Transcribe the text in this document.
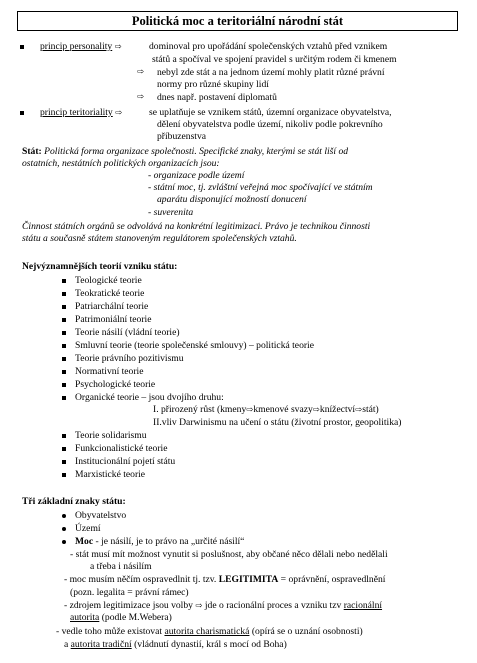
Politická moc a teritoriální národní stát
princip personality ⇨	dominoval pro upořádání společenských vztahů před vznikem
států a spočíval ve spojení pravidel s určitým rodem či kmenem
⇨ nebyl zde stát a na jednom území mohly platit různé právní
normy pro různé skupiny lidí
⇨ dnes např. postavení diplomatů
princip teritoriality ⇨	se uplatňuje se vznikem států, územní organizace obyvatelstva,
dělení obyvatelstva podle území, nikoliv podle pokrevního
příbuzenstva
Stát: Politická forma organizace společnosti. Specifické znaky, kterými se stát liší od
ostatních, nestátních politických organizacích jsou:
- organizace podle území
- státní moc, tj. zvláštní veřejná moc spočívající ve státním
aparátu disponující možností donucení
- suverenita
Činnost státních orgánů se odvolává na konkrétní legitimizaci. Právo je technikou činnosti
státu a současně státem stanoveným regulátorem společenských vztahů.
Nejvýznamnějších teorií vzniku státu:
Teologické teorie
Teokratické teorie
Patriarchální teorie
Patrimoniální teorie
Teorie násilí (vládní teorie)
Smluvní teorie (teorie společenské smlouvy) – politická teorie
Teorie právního pozitivismu
Normativní teorie
Psychologické teorie
Organické teorie – jsou dvojího druhu:
I. přirozený růst (kmeny⇨kmenové svazy⇨knížectví⇨stát)
II.vliv Darwinismu na učení o státu (životní prostor, geopolitika)
Teorie solidarismu
Funkcionalistické teorie
Institucionální pojetí státu
Marxistické teorie
Tři základní znaky státu:
Obyvatelstvo
Území
Moc - je násilí, je to právo na „určité násilí“
- stát musí mít možnost vynutit si poslušnost, aby občané něco dělali nebo nedělali
a třeba i násilím
- moc musím něčím ospravedlnit tj. tzv. LEGITIMITA = oprávnění, ospravedlnění
(pozn. legalita = právní rámec)
- zdrojem legitimizace jsou volby ⇨ jde o racionální proces a vzniku tzv racionální
autorita (podle M.Webera)
- vedle toho může existovat autorita charismatická (opírá se o uznání osobnosti)
a autorita tradiční (vládnutí dynastií, král s mocí od Boha)
